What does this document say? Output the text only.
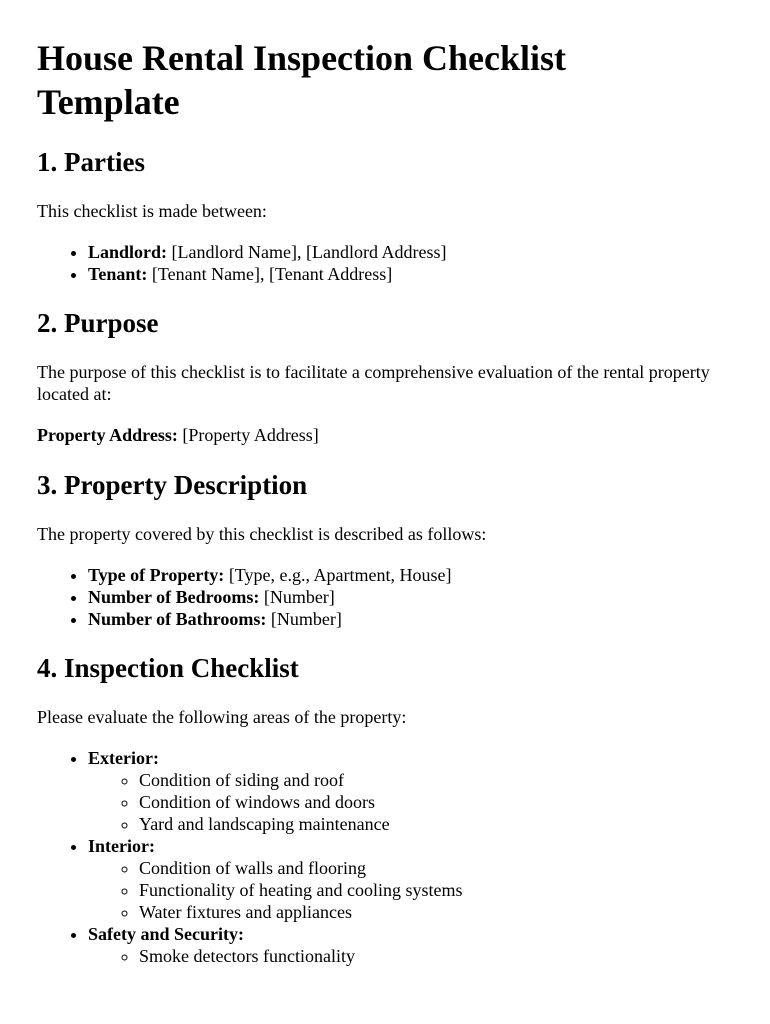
House Rental Inspection Checklist Template
1. Parties

This checklist is made between:

• Landlord: [Landlord Name], [Landlord Address]
• Tenant: [Tenant Name], [Tenant Address]
2. Purpose

The purpose of this checklist is to facilitate a comprehensive evaluation of the rental property located at:

Property Address: [Property Address]

3. Property Description

The property covered by this checklist is described as follows:

• Type of Property: [Type, e.g., Apartment, House]
• Number of Bedrooms: [Number]
• Number of Bathrooms: [Number]
4. Inspection Checklist

Please evaluate the following areas of the property:

• Exterior:
◦ Condition of siding and roof
◦ Condition of windows and doors
◦ Yard and landscaping maintenance
• Interior:
◦ Condition of walls and flooring
◦ Functionality of heating and cooling systems
◦ Water fixtures and appliances
• Safety and Security:
◦ Smoke detectors functionality
